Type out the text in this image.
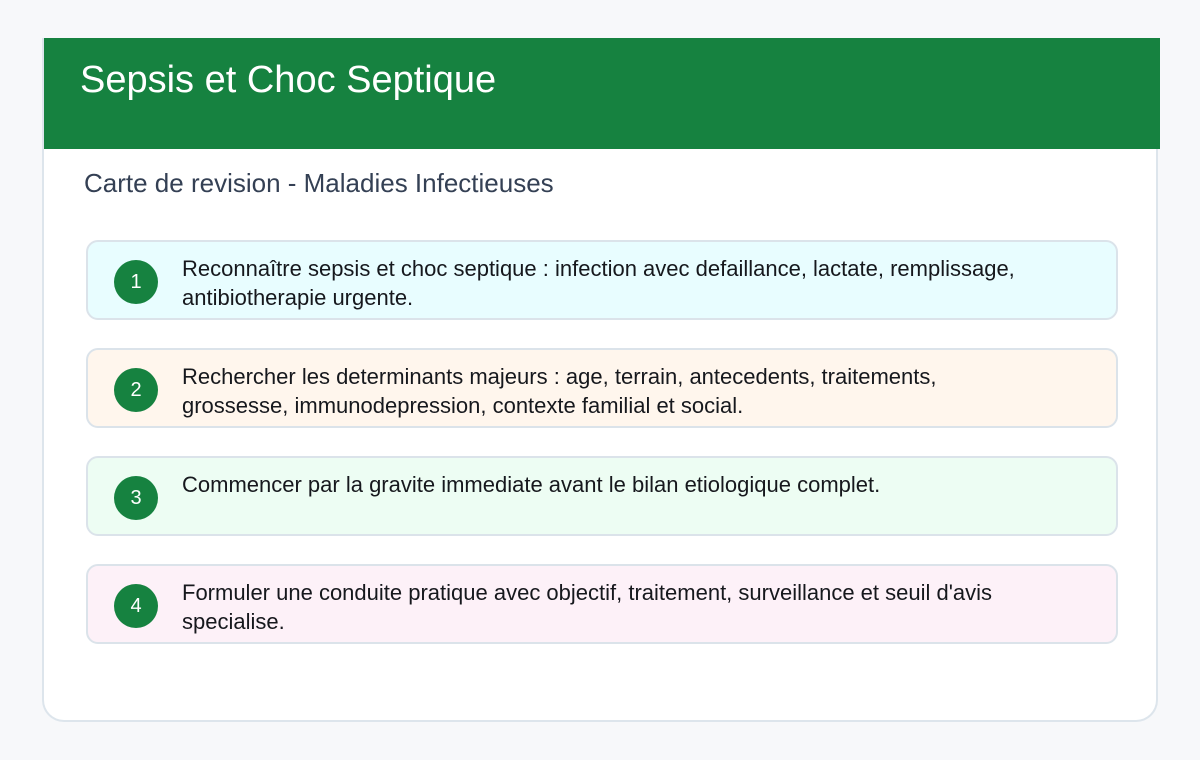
Sepsis et Choc Septique
Carte de revision - Maladies Infectieuses
1
Reconnaître sepsis et choc septique : infection avec defaillance, lactate, remplissage, antibiotherapie urgente.
2
Rechercher les determinants majeurs : age, terrain, antecedents, traitements, grossesse, immunodepression, contexte familial et social.
3
Commencer par la gravite immediate avant le bilan etiologique complet.
4
Formuler une conduite pratique avec objectif, traitement, surveillance et seuil d'avis specialise.
